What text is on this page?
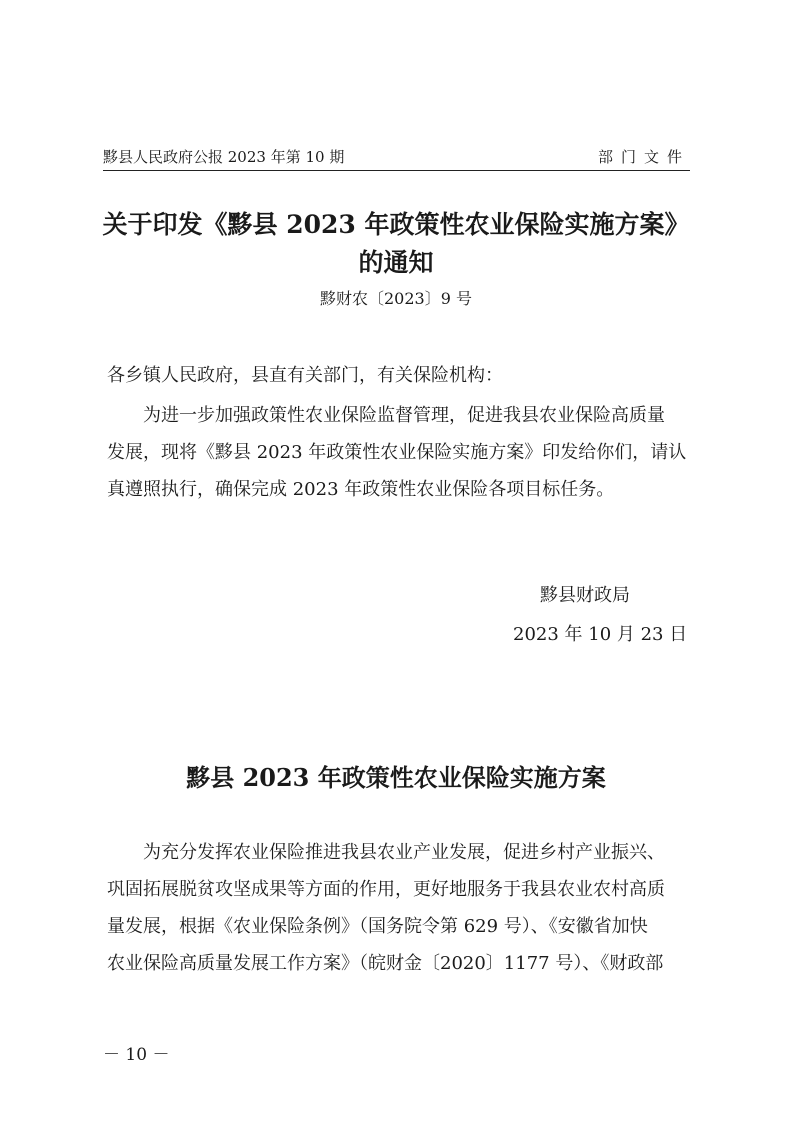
黟县人民政府公报 2023 年第 10 期	部门文件
关于印发《黟县 2023 年政策性农业保险实施方案》
的通知
黟财农〔2023〕9 号
各乡镇人民政府，县直有关部门，有关保险机构：
为进一步加强政策性农业保险监督管理，促进我县农业保险高质量
发展，现将《黟县 2023 年政策性农业保险实施方案》印发给你们，请认
真遵照执行，确保完成 2023 年政策性农业保险各项目标任务。
黟县财政局
2023 年 10 月 23 日
黟县 2023 年政策性农业保险实施方案
为充分发挥农业保险推进我县农业产业发展，促进乡村产业振兴、
巩固拓展脱贫攻坚成果等方面的作用，更好地服务于我县农业农村高质
量发展，根据《农业保险条例》（国务院令第 629 号）、《安徽省加快
农业保险高质量发展工作方案》（皖财金〔2020〕1177 号）、《财政部
－ 10 －
